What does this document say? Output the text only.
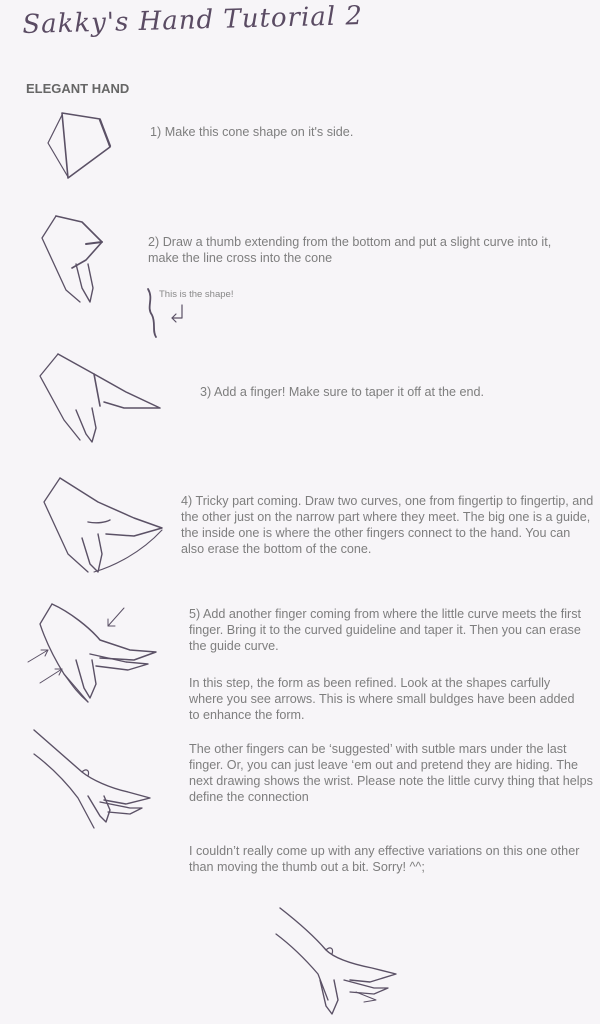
Sakky's Hand Tutorial 2
ELEGANT HAND

1) Make this cone shape on it's side.

2) Draw a thumb extending from the bottom and put a slight curve into it, make the line cross into the cone

This is the shape!

3) Add a finger! Make sure to taper it off at the end.

4) Tricky part coming. Draw two curves, one from fingertip to fingertip, and the other just on the narrow part where they meet. The big one is a guide, the inside one is where the other fingers connect to the hand. You can also erase the bottom of the cone.

5) Add another finger coming from where the little curve meets the first finger. Bring it to the curved guideline and taper it. Then you can erase the guide curve.

In this step, the form as been refined. Look at the shapes carfully where you see arrows. This is where small buldges have been added to enhance the form.

The other fingers can be ‘suggested’ with sutble mars under the last finger. Or, you can just leave ‘em out and pretend they are hiding. The next drawing shows the wrist. Please note the little curvy thing that helps define the connection

I couldn’t really come up with any effective variations on this one other than moving the thumb out a bit. Sorry! ^^;
